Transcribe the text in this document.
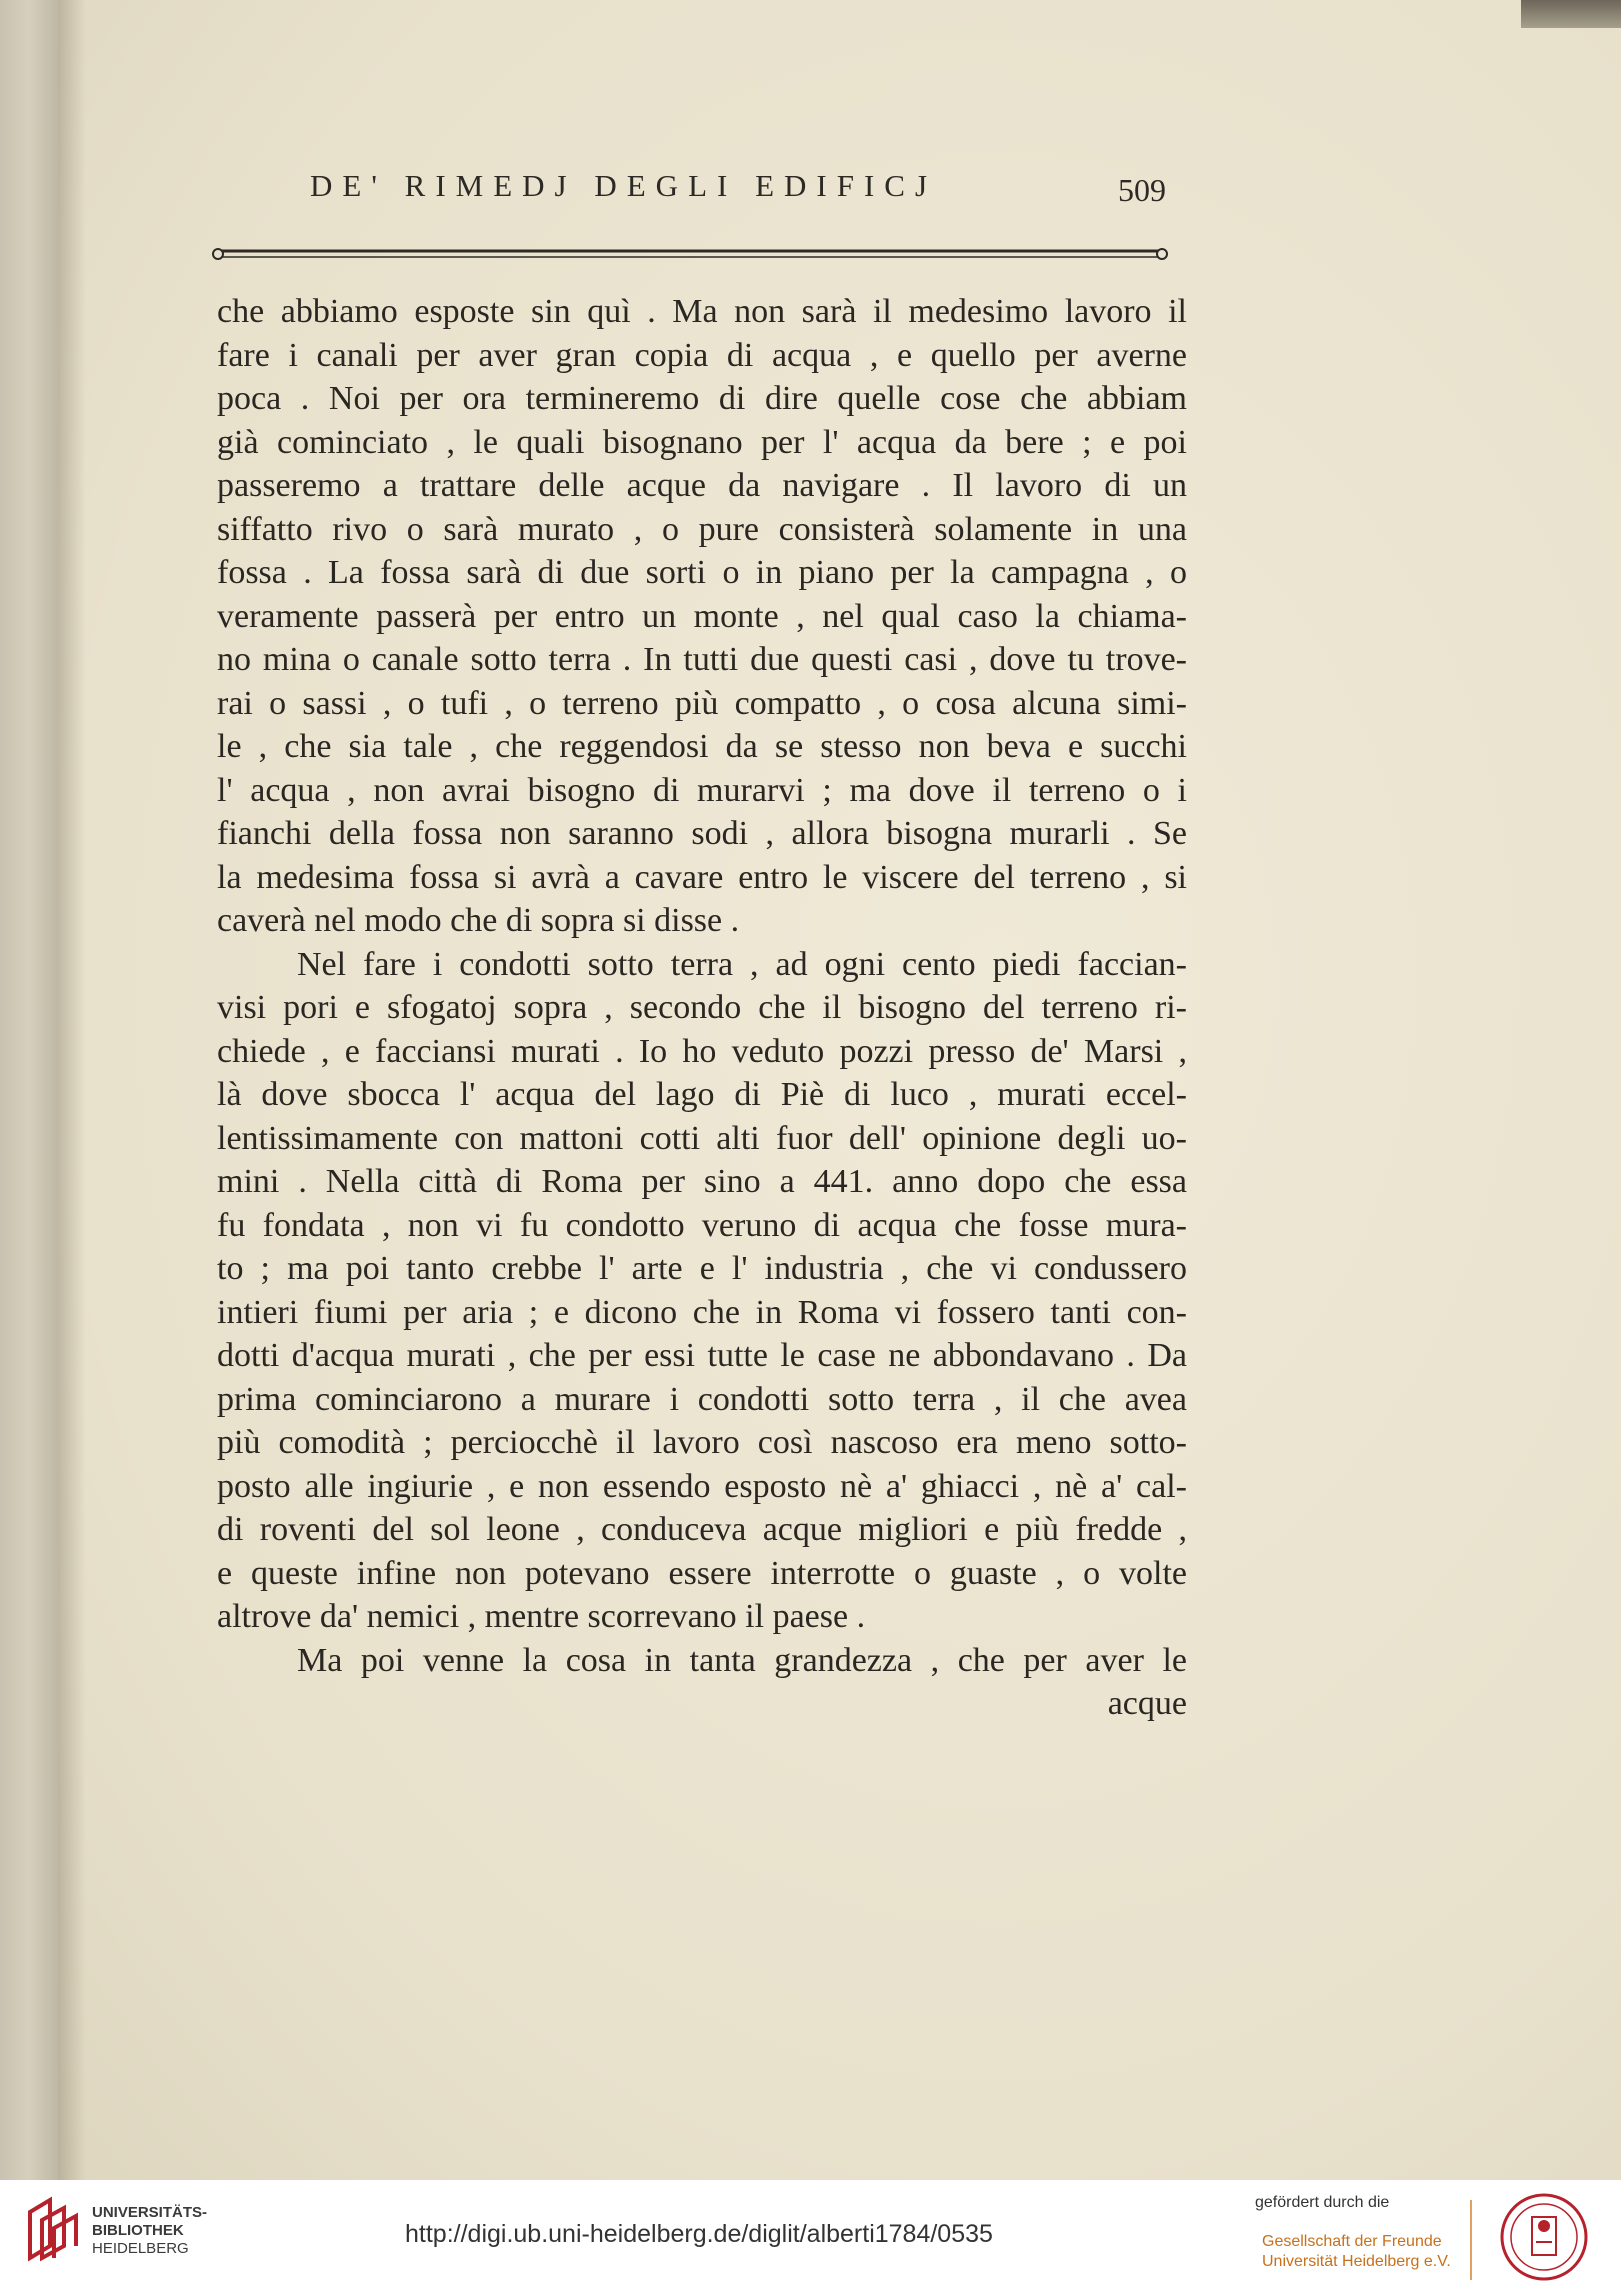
DE' RIMEDJ DEGLI EDIFICJ	509
che abbiamo esposte sin quì . Ma non sarà il medesimo lavoro il
fare i canali per aver gran copia di acqua , e quello per averne
poca . Noi per ora termineremo di dire quelle cose che abbiam
già cominciato , le quali bisognano per l' acqua da bere ; e poi
passeremo a trattare delle acque da navigare . Il lavoro di un
siffatto rivo o sarà murato , o pure consisterà solamente in una
fossa . La fossa sarà di due sorti o in piano per la campagna , o
veramente passerà per entro un monte , nel qual caso la chiama-
no mina o canale sotto terra . In tutti due questi casi , dove tu trove-
rai o sassi , o tufi , o terreno più compatto , o cosa alcuna simi-
le , che sia tale , che reggendosi da se stesso non beva e succhi
l' acqua , non avrai bisogno di murarvi ; ma dove il terreno o i
fianchi della fossa non saranno sodi , allora bisogna murarli . Se
la medesima fossa si avrà a cavare entro le viscere del terreno , si
caverà nel modo che di sopra si disse .
Nel fare i condotti sotto terra , ad ogni cento piedi faccian-
visi pori e sfogatoj sopra , secondo che il bisogno del terreno ri-
chiede , e facciansi murati . Io ho veduto pozzi presso de' Marsi ,
là dove sbocca l' acqua del lago di Piè di luco , murati eccel-
lentissimamente con mattoni cotti alti fuor dell' opinione degli uo-
mini . Nella città di Roma per sino a 441. anno dopo che essa
fu fondata , non vi fu condotto veruno di acqua che fosse mura-
to ; ma poi tanto crebbe l' arte e l' industria , che vi condussero
intieri fiumi per aria ; e dicono che in Roma vi fossero tanti con-
dotti d'acqua murati , che per essi tutte le case ne abbondavano . Da
prima cominciarono a murare i condotti sotto terra , il che avea
più comodità ; perciocchè il lavoro così nascoso era meno sotto-
posto alle ingiurie , e non essendo esposto nè a' ghiacci , nè a' cal-
di roventi del sol leone , conduceva acque migliori e più fredde ,
e queste infine non potevano essere interrotte o guaste , o volte
altrove da' nemici , mentre scorrevano il paese .
Ma poi venne la cosa in tanta grandezza , che per aver le
acque
UNIVERSITÄTS-
BIBLIOTHEK
HEIDELBERG
http://digi.ub.uni-heidelberg.de/diglit/alberti1784/0535
gefördert durch die
Gesellschaft der Freunde
Universität Heidelberg e.V.
